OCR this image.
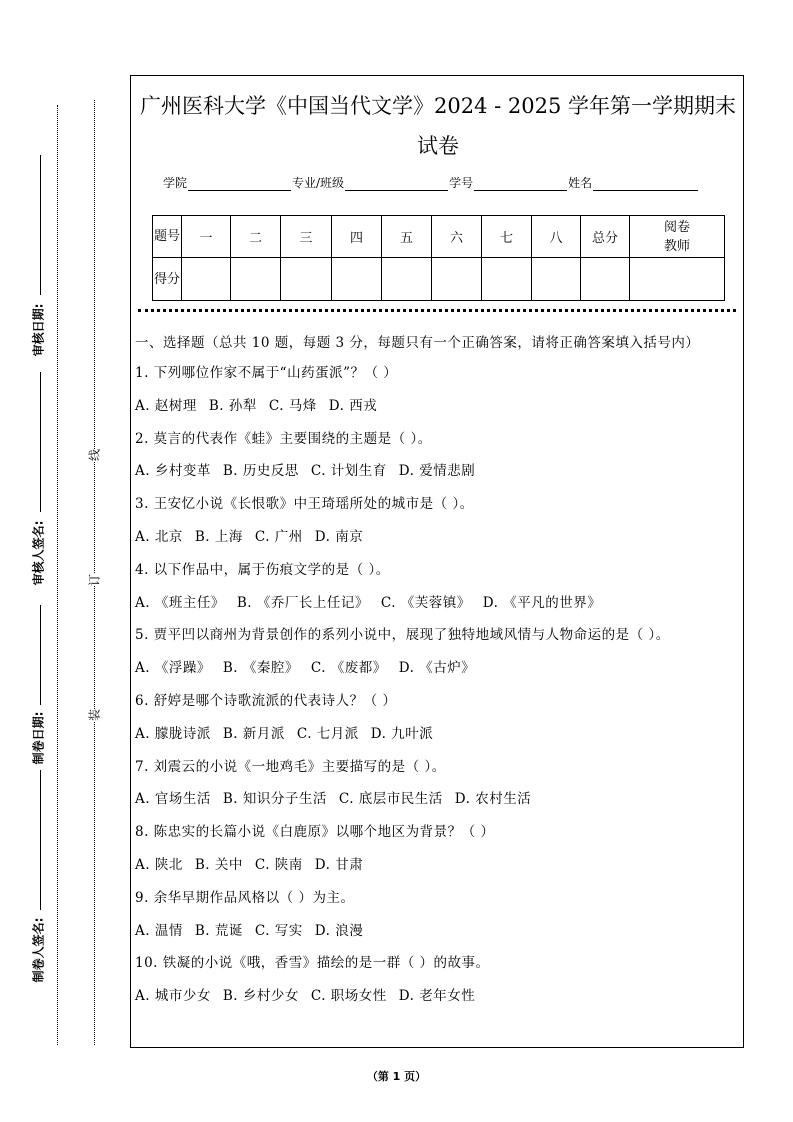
审核日期:
审核人签名:
制卷日期:
制卷人签名:
线
订
装
广州医科大学《中国当代文学》2024 - 2025 学年第一学期期末试卷
学院	专业/班级	学号	姓名
题号	一	二	三	四	五	六	七	八	总分	阅卷教师
得分										
一、选择题（总共 10 题，每题 3 分，每题只有一个正确答案，请将正确答案填入括号内）
1. 下列哪位作家不属于“山药蛋派”？（ ）
A. 赵树理 B. 孙犁 C. 马烽 D. 西戎
2. 莫言的代表作《蛙》主要围绕的主题是（ ）。
A. 乡村变革 B. 历史反思 C. 计划生育 D. 爱情悲剧
3. 王安忆小说《长恨歌》中王琦瑶所处的城市是（ ）。
A. 北京 B. 上海 C. 广州 D. 南京
4. 以下作品中，属于伤痕文学的是（ ）。
A. 《班主任》 B. 《乔厂长上任记》 C. 《芙蓉镇》 D. 《平凡的世界》
5. 贾平凹以商州为背景创作的系列小说中，展现了独特地域风情与人物命运的是（ ）。
A. 《浮躁》 B. 《秦腔》 C. 《废都》 D. 《古炉》
6. 舒婷是哪个诗歌流派的代表诗人？（ ）
A. 朦胧诗派 B. 新月派 C. 七月派 D. 九叶派
7. 刘震云的小说《一地鸡毛》主要描写的是（ ）。
A. 官场生活 B. 知识分子生活 C. 底层市民生活 D. 农村生活
8. 陈忠实的长篇小说《白鹿原》以哪个地区为背景？（ ）
A. 陕北 B. 关中 C. 陕南 D. 甘肃
9. 余华早期作品风格以（ ）为主。
A. 温情 B. 荒诞 C. 写实 D. 浪漫
10. 铁凝的小说《哦，香雪》描绘的是一群（ ）的故事。
A. 城市少女 B. 乡村少女 C. 职场女性 D. 老年女性
（第 1 页）
